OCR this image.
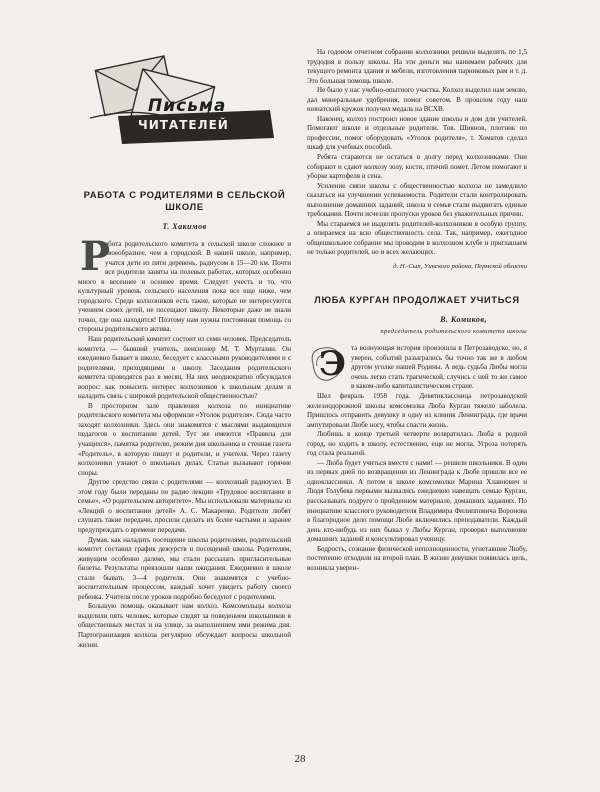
Письма
ЧИТАТЕЛЕЙ
РАБОТА С РОДИТЕЛЯМИ В СЕЛЬСКОЙ ШКОЛЕ
Т. Хакимов

Р
абота родительского комитета в сельской школе сложнее и своеобразнее, чем в городской. В нашей школе, например, учатся дети из пяти деревень, радиусом в 15—20 км. Почти все родители заняты на полевых работах, которых особенно много в весеннее и осеннее время. Следует учесть и то, что культурный уровень сельского населения пока все еще ниже, чем городского. Среди колхозников есть такие, которые не интересуются учением своих детей, не посещают школу. Некоторые даже не знали точно, где она находится! Поэтому нам нужна постоянная помощь со стороны родительского актива.

Наш родительский комитет состоит из семи человек. Председатель комитета — бывший учитель, пенсионер М. Т. Муртазин. Он ежедневно бывает в школе, беседует с классными руководителями и с родителями, приходящими в школу. Заседания родительского комитета проводятся раз в месяц. На них неоднократно обсуждался вопрос: как повысить интерес колхозников к школьным делам и наладить связь с широкой родительской общественностью?

В просторном зале правления колхоза по инициативе родительского комитета мы оформили «Уголок родителя». Сюда часто заходят колхозники. Здесь они знакомятся с мыслями выдающихся педагогов о воспитании детей. Тут же имеются «Правила для учащихся», памятка родителю, режим дня школьника и стенная газета «Родитель», в которую пишут и родители, и учителя. Через газету колхозники узнают о школьных делах. Статьи вызывают горячие споры.

Другое средство связи с родителями — колхозный радиоузел. В этом году были переданы по радио лекции «Трудовое воспитание в семье», «О родительском авторитете». Мы использовали материалы из «Лекций о воспитании детей» А. С. Макаренко. Родители любят слушать такие передачи, просили сделать их более частыми и заранее предупреждать о времени передачи.

Думая, как наладить посещение школы родителями, родительский комитет составил график дежурств и посещений школы. Родителям, живущим особенно далеко, мы стали рассылать пригласительные билеты. Результаты превзошли наши ожидания. Ежедневно в школе стали бывать 3—4 родителя. Они знакомятся с учебно-воспитательным процессом, каждый хочет увидеть работу своего ребенка. Учителя после уроков подробно беседуют с родителями.

Большую помощь оказывает нам колхоз. Комсомольцы колхоза выделили пять человек, которые следят за поведением школьников в общественных местах и на улице, за выполнением ими режима дня. Партогранизация колхоза регулярно обсуждает вопросы школьной жизни.

На годовом отчетном собрании колхозники решили выделить по 1,5 трудодня в пользу школы. На эти деньги мы нанимаем рабочих для текущего ремонта здания и мебели, изготовления парниковых рам и т. д. Это большая помощь школе.

Не было у нас учебно-опытного участка. Колхоз выделил нам землю, дал минеральные удобрения, помог советом. В прошлом году наш юннатский кружок получил медаль на ВСХВ.

Наконец, колхоз построил новое здание школы и дом для учителей. Помогают школе и отдельные родители. Тов. Шиянов, плотник по профессии, помог оборудовать «Уголок родителя», т. Хоматов сделал шкаф для учебных пособий.

Ребята стараются не остаться в долгу перед колхозниками. Они собирают и сдают колхозу золу, кости, птичий помет. Летом помогают в уборке картофеля и сена.

Усиление связи школы с общественностью колхоза не замедлило сказаться на улучшении успеваемости. Родители стали контролировать выполнение домашних заданий, школа и семья стали выдвигать единые требования. Почти исчезли пропуски уроков без уважительных причин.

Мы стараемся не выделять родителей-колхозников в особую группу, а опираемся на всю общественность села. Так, например, ежегодное общешкольное собрание мы проводим в колхозном клубе и приглашаем не только родителей, но и всех желающих.

д. Н.-Сып, Уинского района, Пермской области
ЛЮБА КУРГАН ПРОДОЛЖАЕТ УЧИТЬСЯ
В. Комиков,
председатель родительского комитета школы

Э та волнующая история произошла в Петрозаводске, но, я уверен, событий разыгрались бы точно так же в любом другом уголке нашей Родины. А ведь судьба Любы могла очень легко стать трагической, случись с ней то же самое в каком-либо капиталистическом стране.

Шел февраль 1958 года. Девятиклассница петрозаводской железнодорожной школы комсомолка Люба Курган тяжело заболела. Пришлось отправить девушку в одну из клиник Ленинграда, где врачи ампутировали Любе ногу, чтобы спасти жизнь.

Любишь в конце третьей четверти возвратилась Люба в родной город, но ходить в школу, естественно, еще не могла. Угроза потерять год стала реальной.

— Люба будет учиться вместе с нами! — решили школьники. В один из первых дней по возвращении из Ленинграда к Любе пришли все ее одноклассники. А потом в школе комсомолки Марина Хлавнович и Людя Голубева первыми вызвались ежедневно навещать семью Курган, рассказывать подруге о пройденном материале, домашних заданиях. По инициативе классного руководителя Владимира Филипповича Воронова в благородное дело помощи Любе включились преподаватели. Каждый день кто-нибудь из них бывал у Любы Курган, проверял выполнение домашних заданий и консультировал ученицу.

Бодрость, сознание физической неполноценности, угнетавшие Любу, постепенно отходили на второй план. В жизни девушки появилась цель, возникла уверен-

28
